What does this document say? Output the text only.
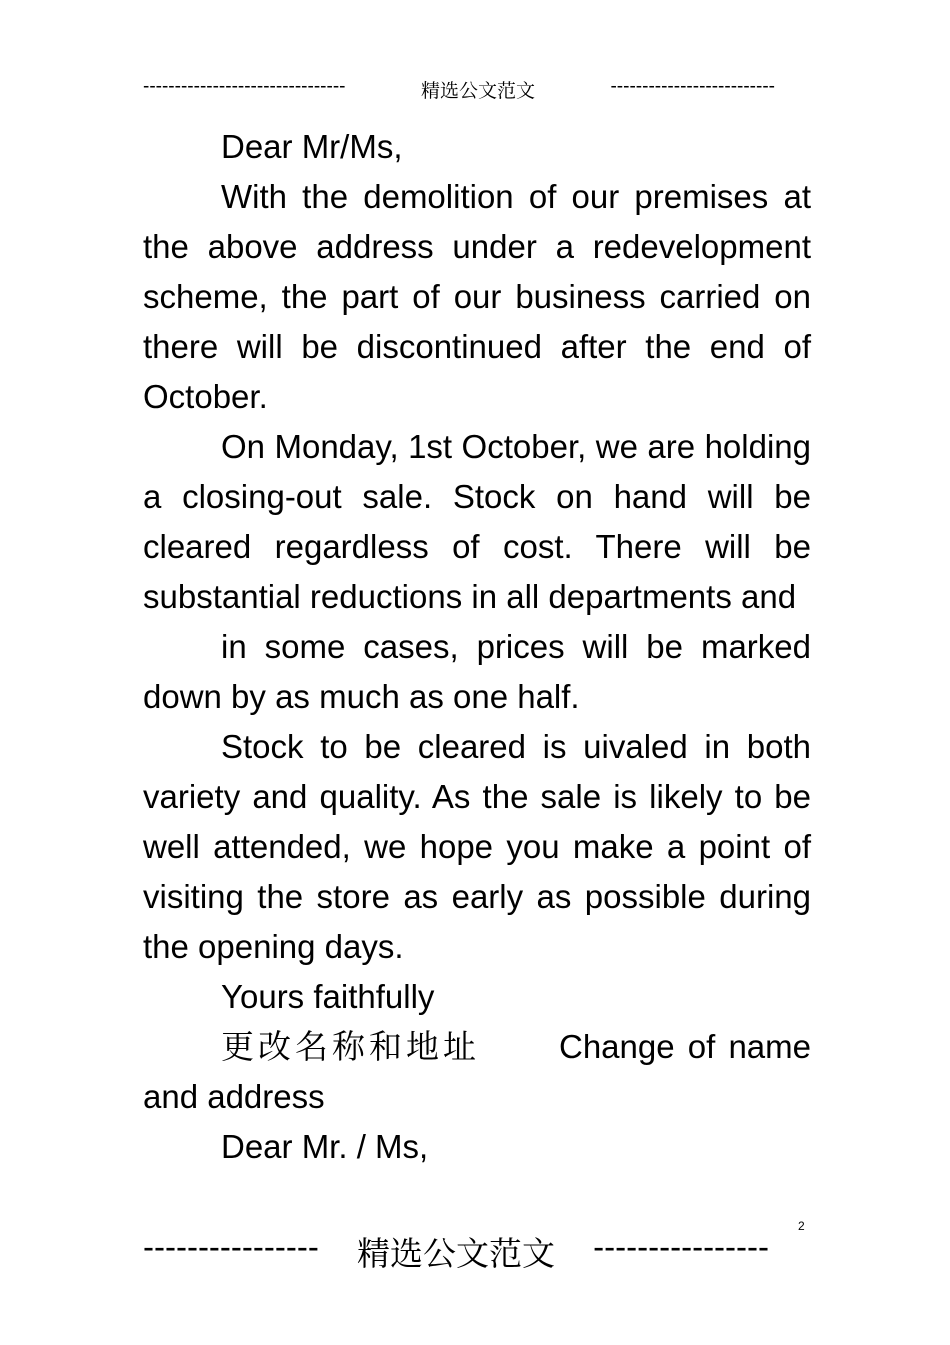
--------------------------------	精选公文范文	--------------------------

Dear Mr/Ms,

With the demolition of our premises at the above address under a redevelopment scheme, the part of our business carried on there will be discontinued after the end of October.

On Monday, 1st October, we are holding a closing-out sale. Stock on hand will be cleared regardless of cost. There will be substantial reductions in all departments and

in some cases, prices will be marked down by as much as one half.

Stock to be cleared is uivaled in both variety and quality. As the sale is likely to be well attended, we hope you make a point of visiting the store as early as possible during the opening days.

Yours faithfully

更改名称和地址 Change of name and address

Dear Mr. / Ms,

2
---------------- 精选公文范文 ----------------
